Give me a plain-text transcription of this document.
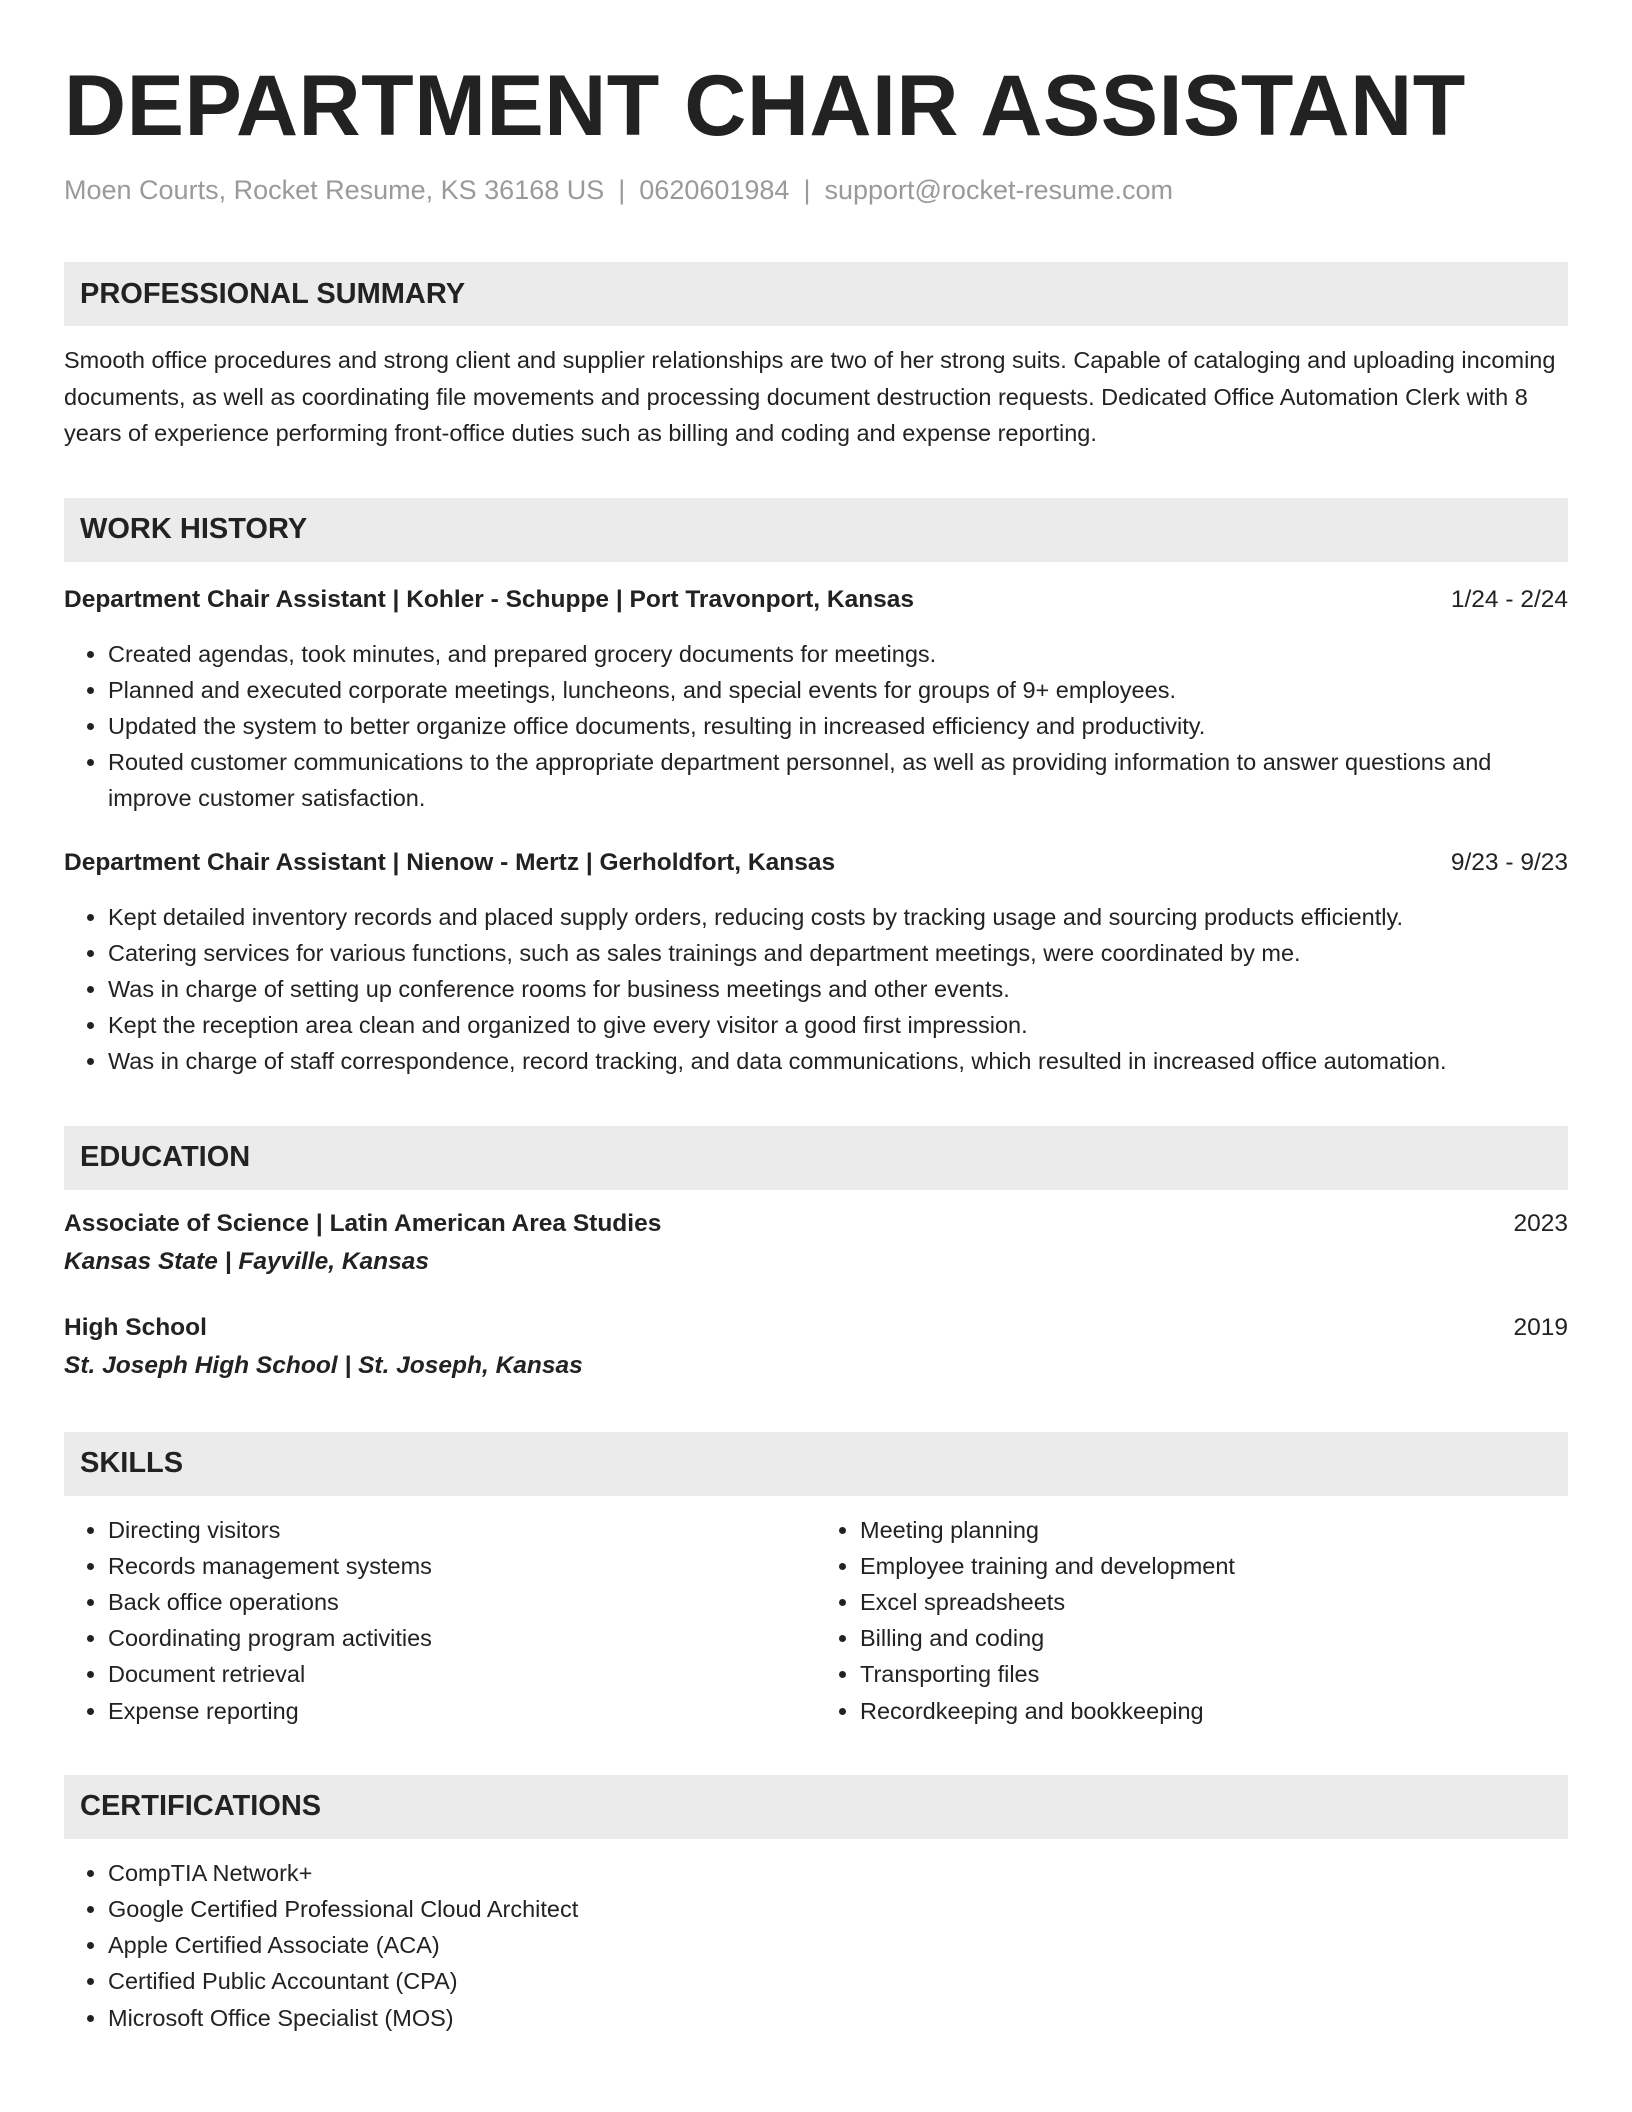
DEPARTMENT CHAIR ASSISTANT
Moen Courts, Rocket Resume, KS 36168 US | 0620601984 | support@rocket-resume.com
PROFESSIONAL SUMMARY
Smooth office procedures and strong client and supplier relationships are two of her strong suits. Capable of cataloging and uploading incoming documents, as well as coordinating file movements and processing document destruction requests. Dedicated Office Automation Clerk with 8 years of experience performing front-office duties such as billing and coding and expense reporting.
WORK HISTORY
Department Chair Assistant | Kohler - Schuppe | Port Travonport, Kansas	1/24 - 2/24
• Created agendas, took minutes, and prepared grocery documents for meetings.
• Planned and executed corporate meetings, luncheons, and special events for groups of 9+ employees.
• Updated the system to better organize office documents, resulting in increased efficiency and productivity.
• Routed customer communications to the appropriate department personnel, as well as providing information to answer questions and improve customer satisfaction.
Department Chair Assistant | Nienow - Mertz | Gerholdfort, Kansas	9/23 - 9/23
• Kept detailed inventory records and placed supply orders, reducing costs by tracking usage and sourcing products efficiently.
• Catering services for various functions, such as sales trainings and department meetings, were coordinated by me.
• Was in charge of setting up conference rooms for business meetings and other events.
• Kept the reception area clean and organized to give every visitor a good first impression.
• Was in charge of staff correspondence, record tracking, and data communications, which resulted in increased office automation.
EDUCATION
Associate of Science | Latin American Area Studies	2023
Kansas State | Fayville, Kansas
High School	2019
St. Joseph High School | St. Joseph, Kansas
SKILLS
• Directing visitors
• Records management systems
• Back office operations
• Coordinating program activities
• Document retrieval
• Expense reporting
• Meeting planning
• Employee training and development
• Excel spreadsheets
• Billing and coding
• Transporting files
• Recordkeeping and bookkeeping
CERTIFICATIONS
• CompTIA Network+
• Google Certified Professional Cloud Architect
• Apple Certified Associate (ACA)
• Certified Public Accountant (CPA)
• Microsoft Office Specialist (MOS)
